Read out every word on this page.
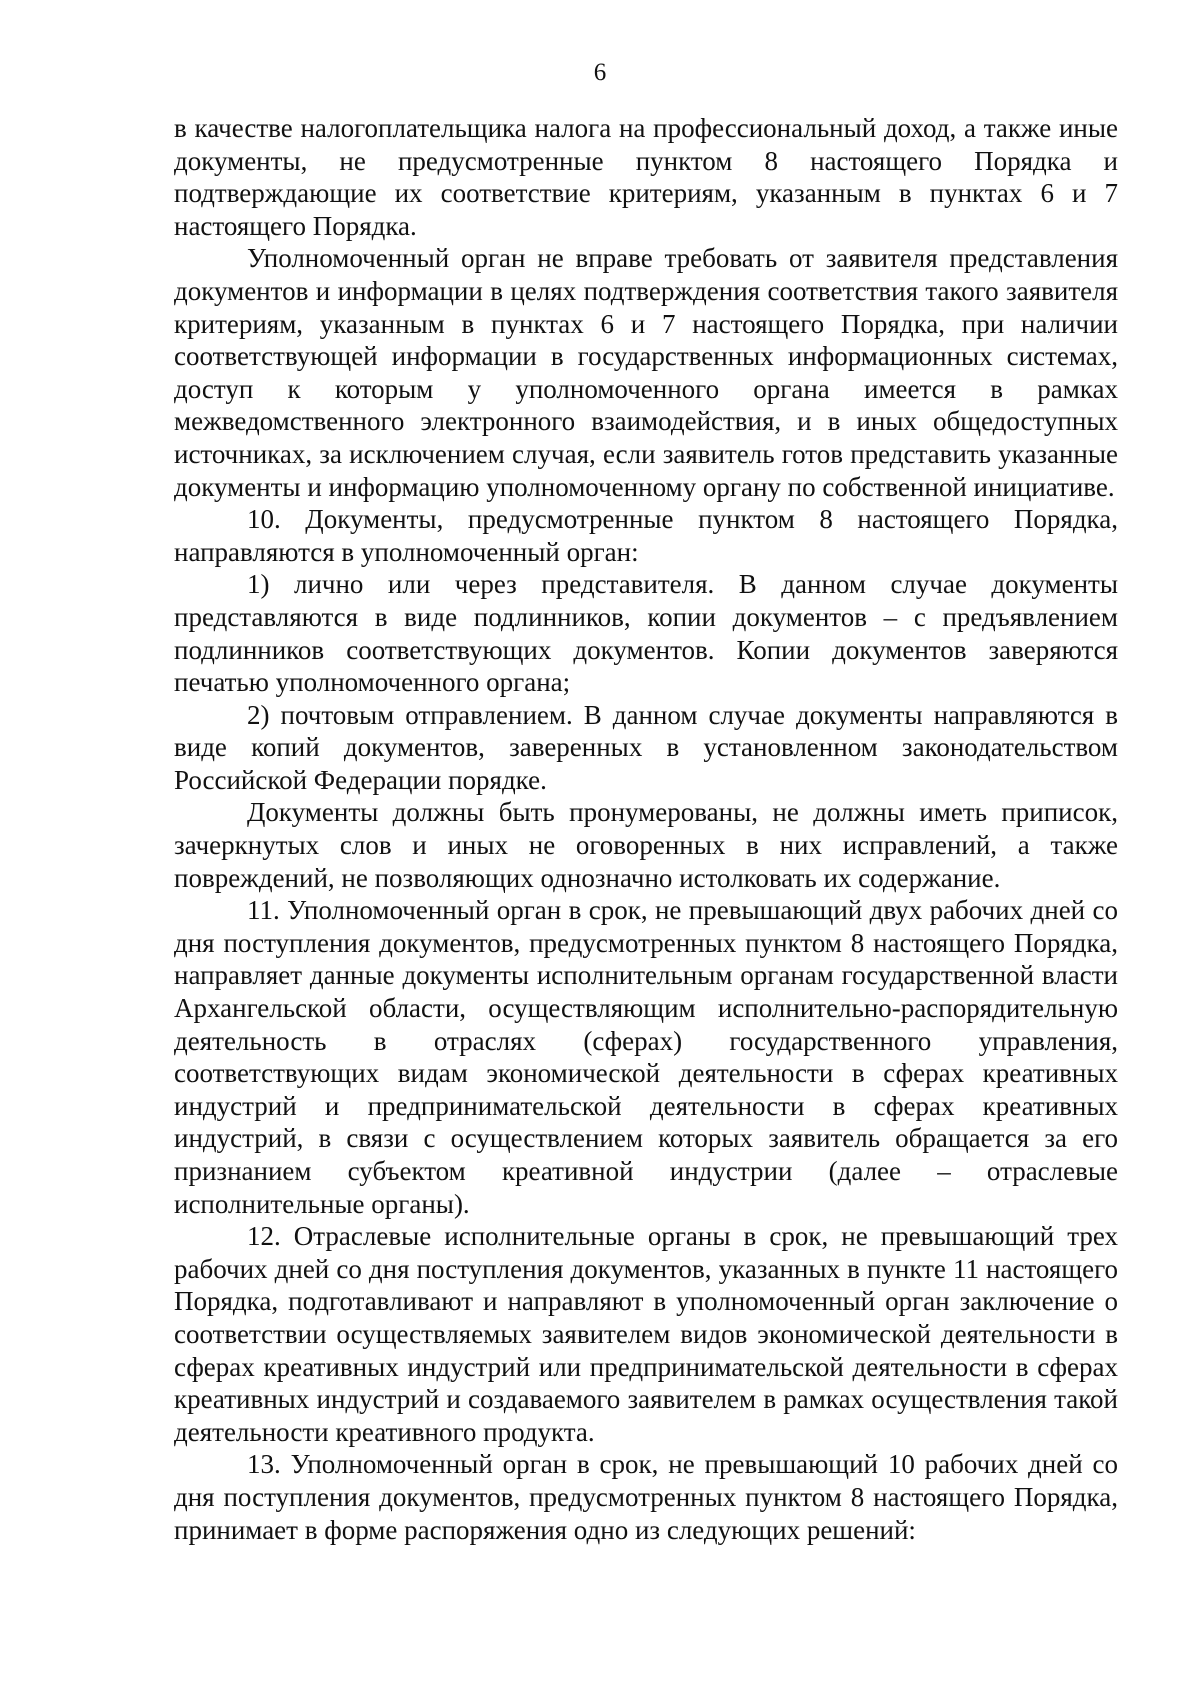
6

в качестве налогоплательщика налога на профессиональный доход, а также иные документы, не предусмотренные пунктом 8 настоящего Порядка и подтверждающие их соответствие критериям, указанным в пунктах 6 и 7 настоящего Порядка.

Уполномоченный орган не вправе требовать от заявителя представления документов и информации в целях подтверждения соответствия такого заявителя критериям, указанным в пунктах 6 и 7 настоящего Порядка, при наличии соответствующей информации в государственных информационных системах, доступ к которым у уполномоченного органа имеется в рамках межведомственного электронного взаимодействия, и в иных общедоступных источниках, за исключением случая, если заявитель готов представить указанные документы и информацию уполномоченному органу по собственной инициативе.

10. Документы, предусмотренные пунктом 8 настоящего Порядка, направляются в уполномоченный орган:

1) лично или через представителя. В данном случае документы представляются в виде подлинников, копии документов – с предъявлением подлинников соответствующих документов. Копии документов заверяются печатью уполномоченного органа;

2) почтовым отправлением. В данном случае документы направляются в виде копий документов, заверенных в установленном законодательством Российской Федерации порядке.

Документы должны быть пронумерованы, не должны иметь приписок, зачеркнутых слов и иных не оговоренных в них исправлений, а также повреждений, не позволяющих однозначно истолковать их содержание.

11. Уполномоченный орган в срок, не превышающий двух рабочих дней со дня поступления документов, предусмотренных пунктом 8 настоящего Порядка, направляет данные документы исполнительным органам государственной власти Архангельской области, осуществляющим исполнительно-распорядительную деятельность в отраслях (сферах) государственного управления, соответствующих видам экономической деятельности в сферах креативных индустрий и предпринимательской деятельности в сферах креативных индустрий, в связи с осуществлением которых заявитель обращается за его признанием субъектом креативной индустрии (далее – отраслевые исполнительные органы).

12. Отраслевые исполнительные органы в срок, не превышающий трех рабочих дней со дня поступления документов, указанных в пункте 11 настоящего Порядка, подготавливают и направляют в уполномоченный орган заключение о соответствии осуществляемых заявителем видов экономической деятельности в сферах креативных индустрий или предпринимательской деятельности в сферах креативных индустрий и создаваемого заявителем в рамках осуществления такой деятельности креативного продукта.

13. Уполномоченный орган в срок, не превышающий 10 рабочих дней со дня поступления документов, предусмотренных пунктом 8 настоящего Порядка, принимает в форме распоряжения одно из следующих решений:
